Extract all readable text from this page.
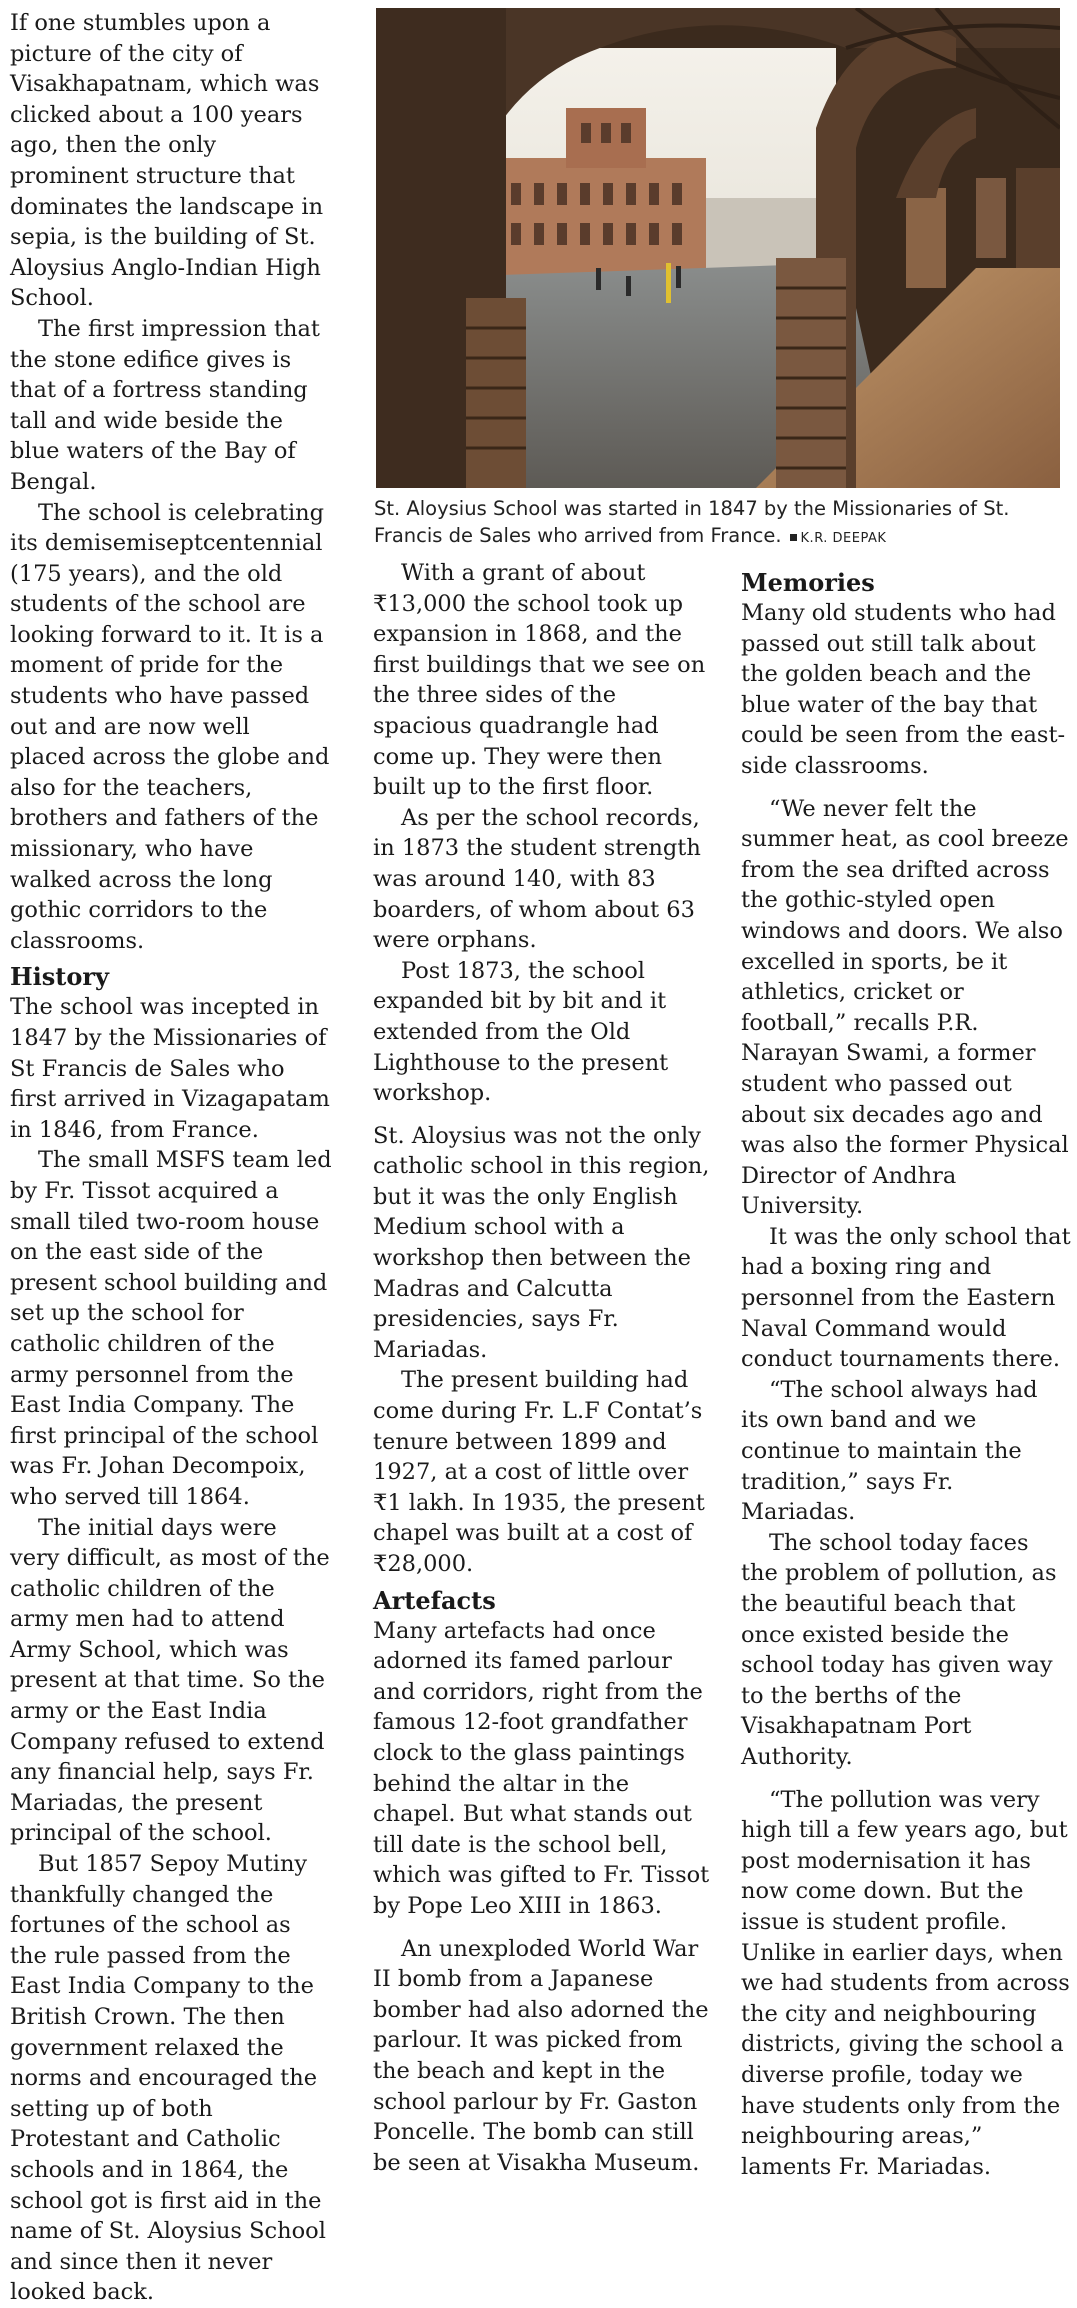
If one stumbles upon a picture of the city of Visakhapatnam, which was clicked about a 100 years ago, then the only prominent structure that dominates the landscape in sepia, is the building of St. Aloysius Anglo-Indian High School.

The first impression that the stone edifice gives is that of a fortress standing tall and wide beside the blue waters of the Bay of Bengal.

The school is celebrating its demisemiseptcentennial (175 years), and the old students of the school are looking forward to it. It is a moment of pride for the students who have passed out and are now well placed across the globe and also for the teachers, brothers and fathers of the missionary, who have walked across the long gothic corridors to the classrooms.

History

The school was incepted in 1847 by the Missionaries of St Francis de Sales who first arrived in Vizagapatam in 1846, from France.

The small MSFS team led by Fr. Tissot acquired a small tiled two-room house on the east side of the present school building and set up the school for catholic children of the army personnel from the East India Company. The first principal of the school was Fr. Johan Decompoix, who served till 1864.

The initial days were very difficult, as most of the catholic children of the army men had to attend Army School, which was present at that time. So the army or the East India Company refused to extend any financial help, says Fr. Mariadas, the present principal of the school.

But 1857 Sepoy Mutiny thankfully changed the fortunes of the school as the rule passed from the East India Company to the British Crown. The then government relaxed the norms and encouraged the setting up of both Protestant and Catholic schools and in 1864, the school got is first aid in the name of St. Aloysius School and since then it never looked back.

St. Aloysius School was started in 1847 by the Missionaries of St. Francis de Sales who arrived from France. K.R. DEEPAK

With a grant of about ₹13,000 the school took up expansion in 1868, and the first buildings that we see on the three sides of the spacious quadrangle had come up. They were then built up to the first floor.

As per the school records, in 1873 the student strength was around 140, with 83 boarders, of whom about 63 were orphans.

Post 1873, the school expanded bit by bit and it extended from the Old Lighthouse to the present workshop.

St. Aloysius was not the only catholic school in this region, but it was the only English Medium school with a workshop then between the Madras and Calcutta presidencies, says Fr. Mariadas.

The present building had come during Fr. L.F Contat’s tenure between 1899 and 1927, at a cost of little over ₹1 lakh. In 1935, the present chapel was built at a cost of ₹28,000.

Artefacts

Many artefacts had once adorned its famed parlour and corridors, right from the famous 12-foot grandfather clock to the glass paintings behind the altar in the chapel. But what stands out till date is the school bell, which was gifted to Fr. Tissot by Pope Leo XIII in 1863.

An unexploded World War II bomb from a Japanese bomber had also adorned the parlour. It was picked from the beach and kept in the school parlour by Fr. Gaston Poncelle. The bomb can still be seen at Visakha Museum.

Memories

Many old students who had passed out still talk about the golden beach and the blue water of the bay that could be seen from the east-side classrooms.

“We never felt the summer heat, as cool breeze from the sea drifted across the gothic-styled open windows and doors. We also excelled in sports, be it athletics, cricket or football,” recalls P.R. Narayan Swami, a former student who passed out about six decades ago and was also the former Physical Director of Andhra University.

It was the only school that had a boxing ring and personnel from the Eastern Naval Command would conduct tournaments there.

“The school always had its own band and we continue to maintain the tradition,” says Fr. Mariadas.

The school today faces the problem of pollution, as the beautiful beach that once existed beside the school today has given way to the berths of the Visakhapatnam Port Authority.

“The pollution was very high till a few years ago, but post modernisation it has now come down. But the issue is student profile. Unlike in earlier days, when we had students from across the city and neighbouring districts, giving the school a diverse profile, today we have students only from the neighbouring areas,” laments Fr. Mariadas.
